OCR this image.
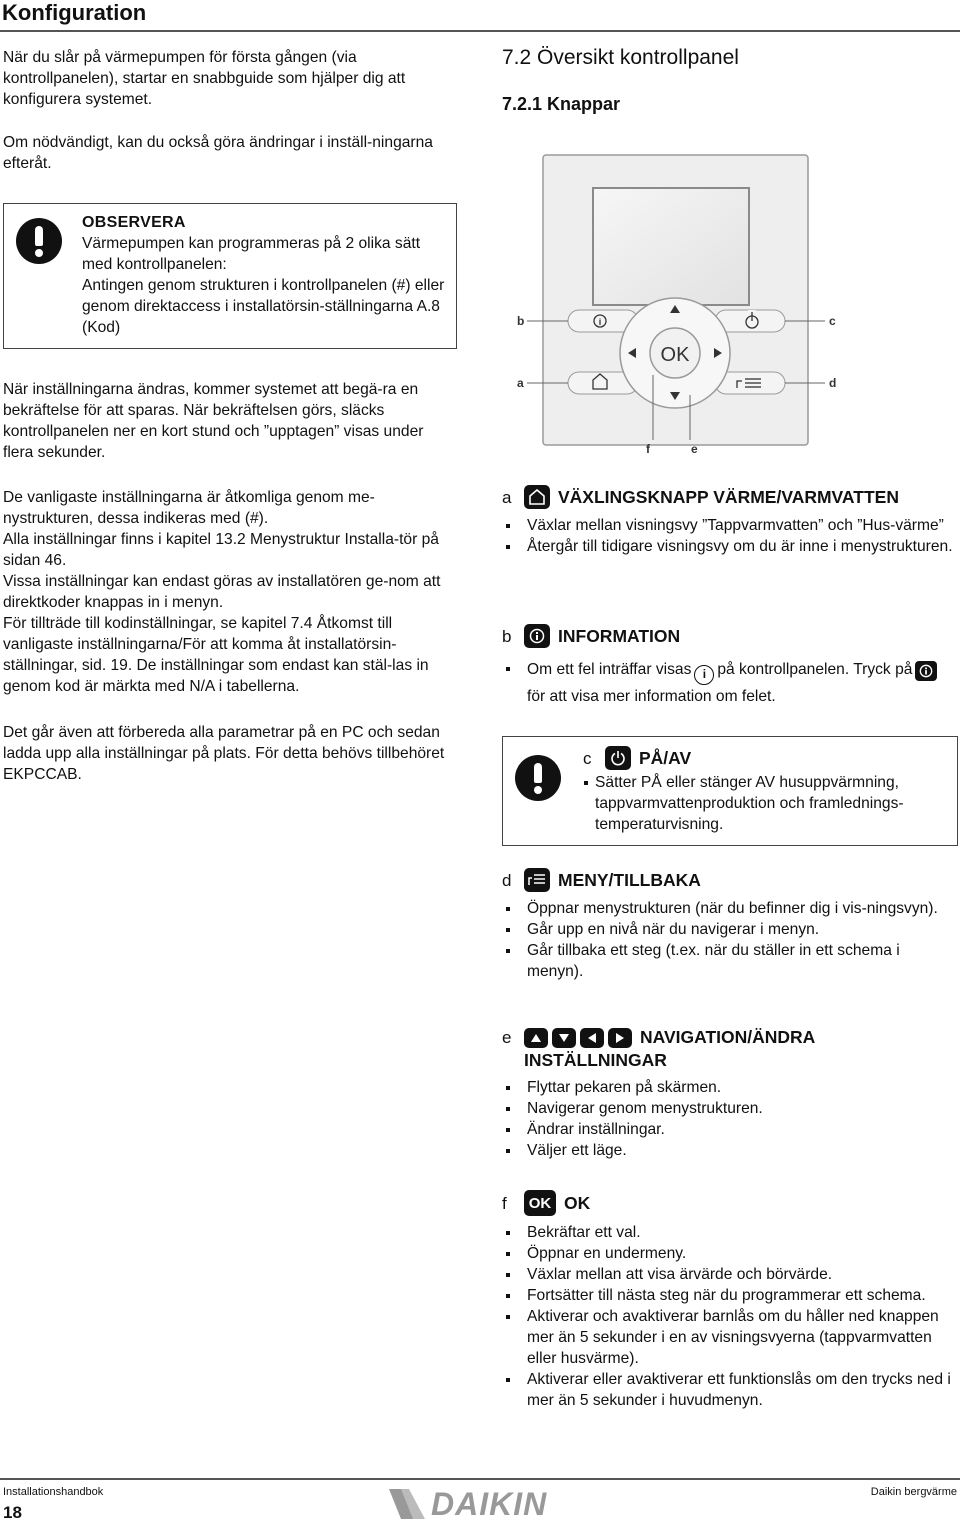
Konfiguration

När du slår på värmepumpen för första gången (via kontrollpanelen), startar en snabbguide som hjälper dig att konfigurera systemet.

Om nödvändigt, kan du också göra ändringar i inställ-ningarna efteråt.

OBSERVERA

Värmepumpen kan programmeras på 2 olika sätt med kontrollpanelen:

Antingen genom strukturen i kontrollpanelen (#) eller genom direktaccess i installatörsin-ställningarna A.8 (Kod)

När inställningarna ändras, kommer systemet att begä-ra en bekräftelse för att sparas. När bekräftelsen görs, släcks kontrollpanelen ner en kort stund och ”upptagen” visas under flera sekunder.

De vanligaste inställningarna är åtkomliga genom me-nystrukturen, dessa indikeras med (#).

Alla inställningar finns i kapitel 13.2 Menystruktur Installa-tör på sidan 46.

Vissa inställningar kan endast göras av installatören ge-nom att direktkoder knappas in i menyn.

För tillträde till kodinställningar, se kapitel 7.4 Åtkomst till vanligaste inställningarna/För att komma åt installatörsin-ställningar, sid. 19. De inställningar som endast kan stäl-las in genom kod är märkta med N/A i tabellerna.

Det går även att förbereda alla parametrar på en PC och sedan ladda upp alla inställningar på plats. För detta behövs tillbehöret EKPCCAB.

7.2 Översikt kontrollpanel
7.2.1 Knappar
i
OK
b	c
a	d
f	e
a	VÄXLINGSKNAPP VÄRME/VARMVATTEN
Växlar mellan visningsvy ”Tappvarmvatten” och ”Hus-värme”
Återgår till tidigare visningsvy om du är inne i menystrukturen.
b	INFORMATION
Om ett fel inträffar visas i på kontrollpanelen. Tryck på
för att visa mer information om felet.
c	PÅ/AV

Sätter PÅ eller stänger AV husuppvärmning, tappvarmvattenproduktion och framlednings-temperaturvisning.

d	MENY/TILLBAKA
Öppnar menystrukturen (när du befinner dig i vis-ningsvyn).
Går upp en nivå när du navigerar i menyn.
Går tillbaka ett steg (t.ex. när du ställer in ett schema i menyn).
e	NAVIGATION/ÄNDRA
INSTÄLLNINGAR
Flyttar pekaren på skärmen.
Navigerar genom menystrukturen.
Ändrar inställningar.
Väljer ett läge.
f	OK OK
Bekräftar ett val.
Öppnar en undermeny.
Växlar mellan att visa ärvärde och börvärde.
Fortsätter till nästa steg när du programmerar ett schema.
Aktiverar och avaktiverar barnlås om du håller ned knappen mer än 5 sekunder i en av visningsvyerna (tappvarmvatten eller husvärme).
Aktiverar eller avaktiverar ett funktionslås om den trycks ned i mer än 5 sekunder i huvudmenyn.
Installationshandbok
18	DAIKIN	Daikin bergvärme
